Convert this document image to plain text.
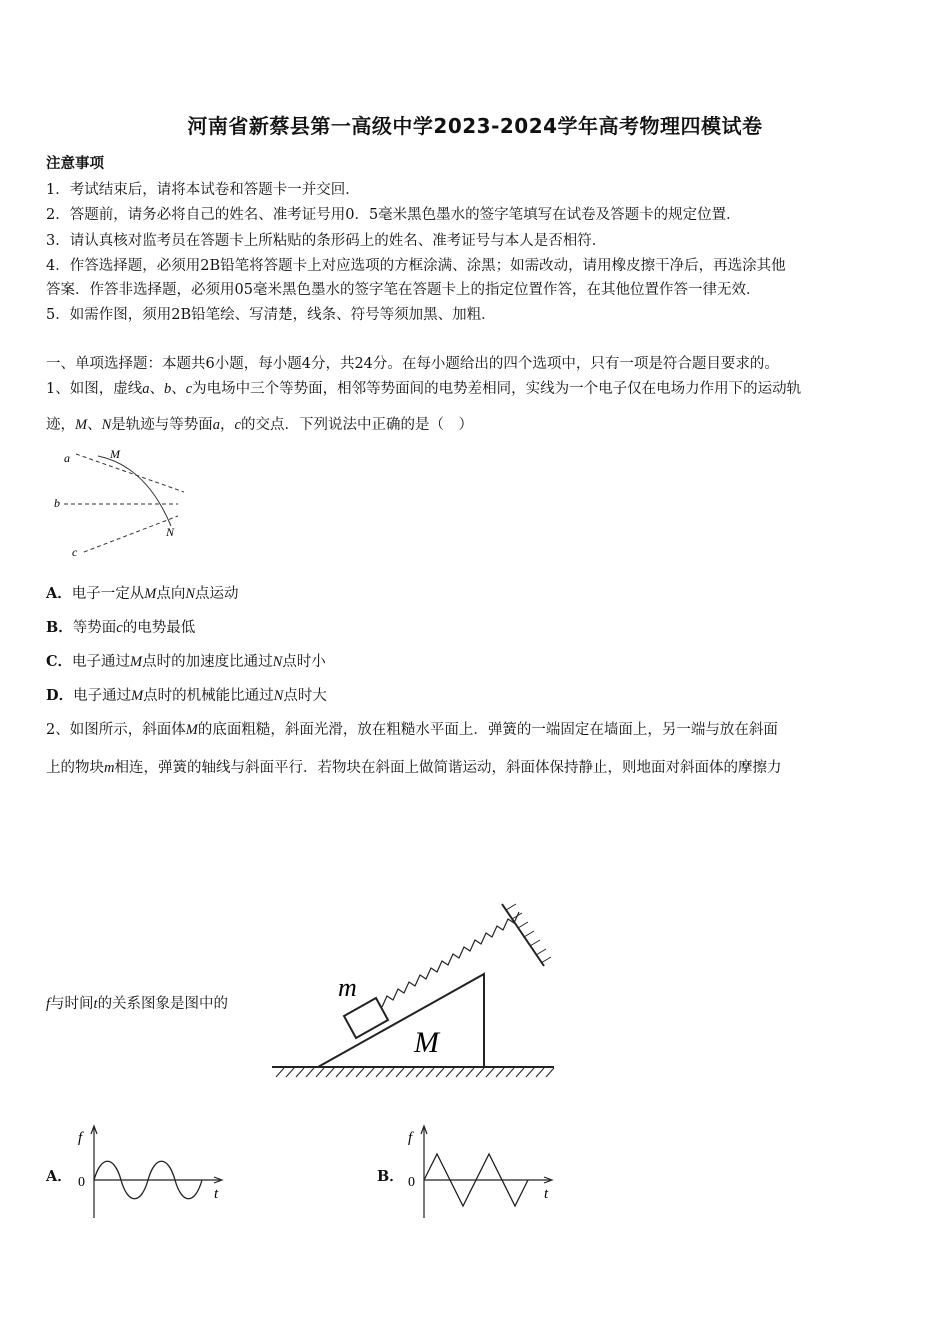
河南省新蔡县第一高级中学2023-2024学年高考物理四模试卷
注意事项
1．考试结束后，请将本试卷和答题卡一并交回．
2．答题前，请务必将自己的姓名、准考证号用0．5毫米黑色墨水的签字笔填写在试卷及答题卡的规定位置．
3．请认真核对监考员在答题卡上所粘贴的条形码上的姓名、准考证号与本人是否相符．
4．作答选择题，必须用2B铅笔将答题卡上对应选项的方框涂满、涂黑；如需改动，请用橡皮擦干净后，再选涂其他
答案．作答非选择题，必须用05毫米黑色墨水的签字笔在答题卡上的指定位置作答，在其他位置作答一律无效．
5．如需作图，须用2B铅笔绘、写清楚，线条、符号等须加黑、加粗．
一、单项选择题：本题共6小题，每小题4分，共24分。在每小题给出的四个选项中，只有一项是符合题目要求的。
1、如图，虚线a、b、c为电场中三个等势面，相邻等势面间的电势差相同，实线为一个电子仅在电场力作用下的运动轨
迹，M、N是轨迹与等势面a，c的交点．下列说法中正确的是（　）
a	M
b
N
c
A．电子一定从M点向N点运动
B．等势面c的电势最低
C．电子通过M点时的加速度比通过N点时小
D．电子通过M点时的机械能比通过N点时大
2、如图所示，斜面体M的底面粗糙，斜面光滑，放在粗糙水平面上．弹簧的一端固定在墙面上，另一端与放在斜面
上的物块m相连，弹簧的轴线与斜面平行．若物块在斜面上做简谐运动，斜面体保持静止，则地面对斜面体的摩擦力
f与时间t的关系图象是图中的
m
M
A．
f
t
0	B．
f
t
0
